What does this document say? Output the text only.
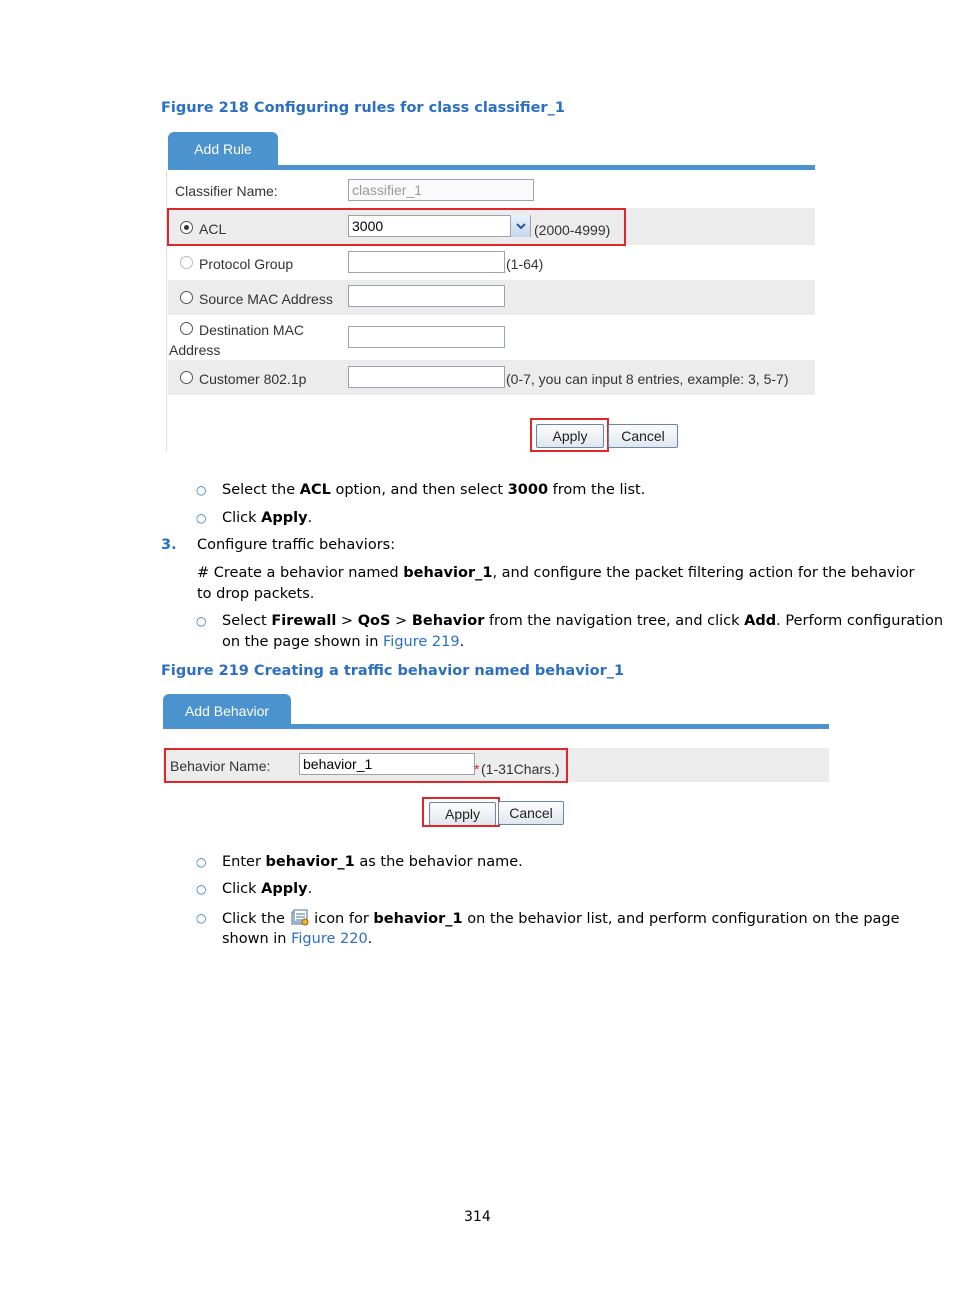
Figure 218 Configuring rules for class classifier_1
Add Rule
Classifier Name:	classifier_1
ACL	3000	(2000-4999)
Protocol Group	(1-64)
Source MAC Address
Destination MAC
Address
Customer 802.1p	(0-7, you can input 8 entries, example: 3, 5-7)
Apply	Cancel
○ Select the ACL option, and then select 3000 from the list.
○ Click Apply.
3. Configure traffic behaviors:
# Create a behavior named behavior_1, and configure the packet filtering action for the behavior
to drop packets.
○ Select Firewall > QoS > Behavior from the navigation tree, and click Add. Perform configuration
on the page shown in Figure 219.
Figure 219 Creating a traffic behavior named behavior_1
Add Behavior
Behavior Name: behavior_1	* (1-31Chars.)
Apply	Cancel
○ Enter behavior_1 as the behavior name.
○ Click Apply.
○ Click the  icon for behavior_1 on the behavior list, and perform configuration on the page
shown in Figure 220.
314
